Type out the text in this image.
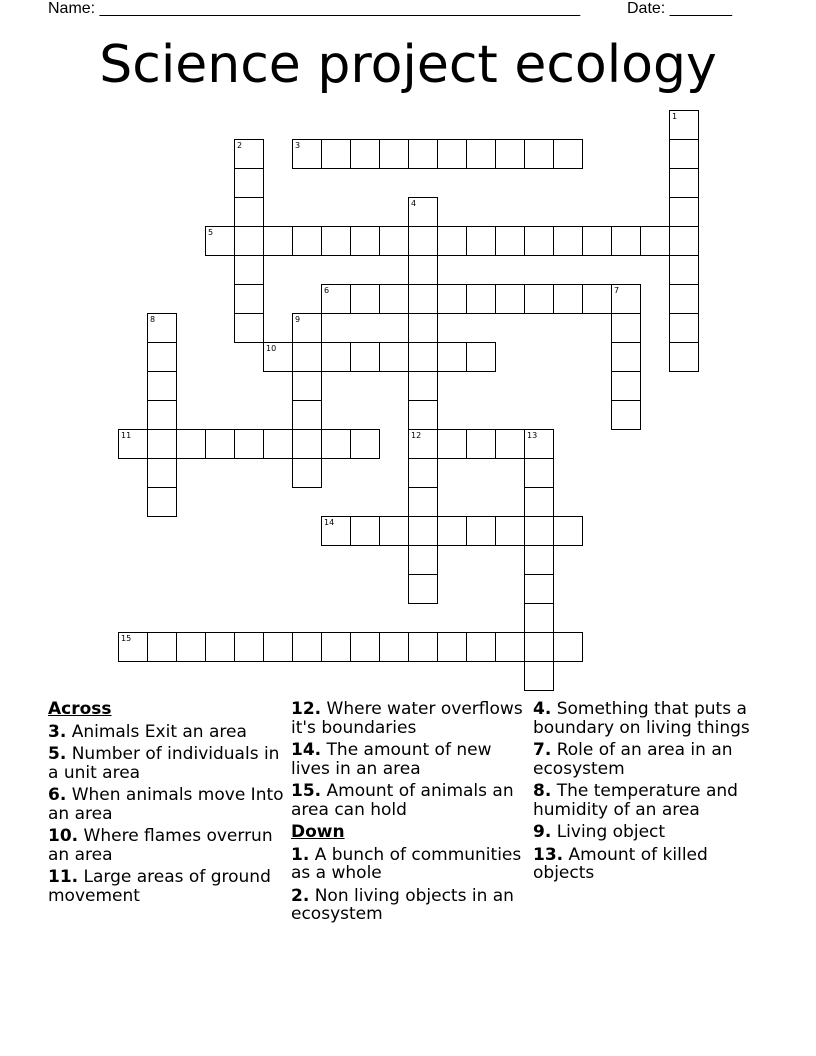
Name: ______________________________________________________	Date: _______
Science project ecology
1
2	3
4
5
6	7
8	9
10
11	12	13
14
15
Across
3. Animals Exit an area
5. Number of individuals in a unit area
6. When animals move Into an area
10. Where flames overrun an area
11. Large areas of ground movement
12. Where water overflows it's boundaries
14. The amount of new lives in an area
15. Amount of animals an area can hold
Down
1. A bunch of communities as a whole
2. Non living objects in an ecosystem
4. Something that puts a boundary on living things
7. Role of an area in an ecosystem
8. The temperature and humidity of an area
9. Living object
13. Amount of killed objects
